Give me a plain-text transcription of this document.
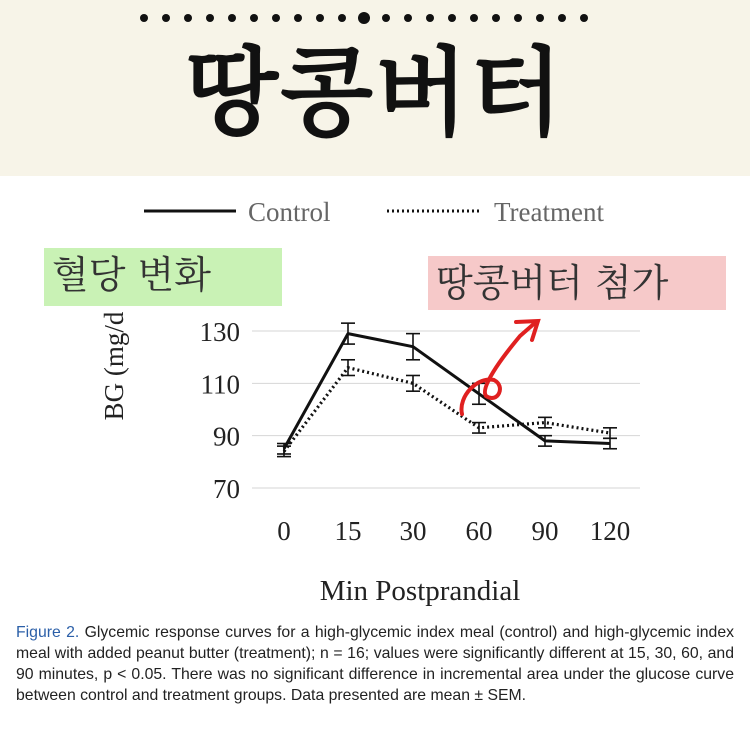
땅콩버터
Control	Treatment
70
90
110
130
0 15 30 60 90 120
Min Postprandial
BG (mg/d
혈당 변화	땅콩버터 첨가
Figure 2. Glycemic response curves for a high-glycemic index meal (control) and high-glycemic index meal with added peanut butter (treatment); n = 16; values were significantly different at 15, 30, 60, and 90 minutes, p < 0.05. There was no significant difference in incremental area under the glucose curve between control and treatment groups. Data presented are mean ± SEM.
